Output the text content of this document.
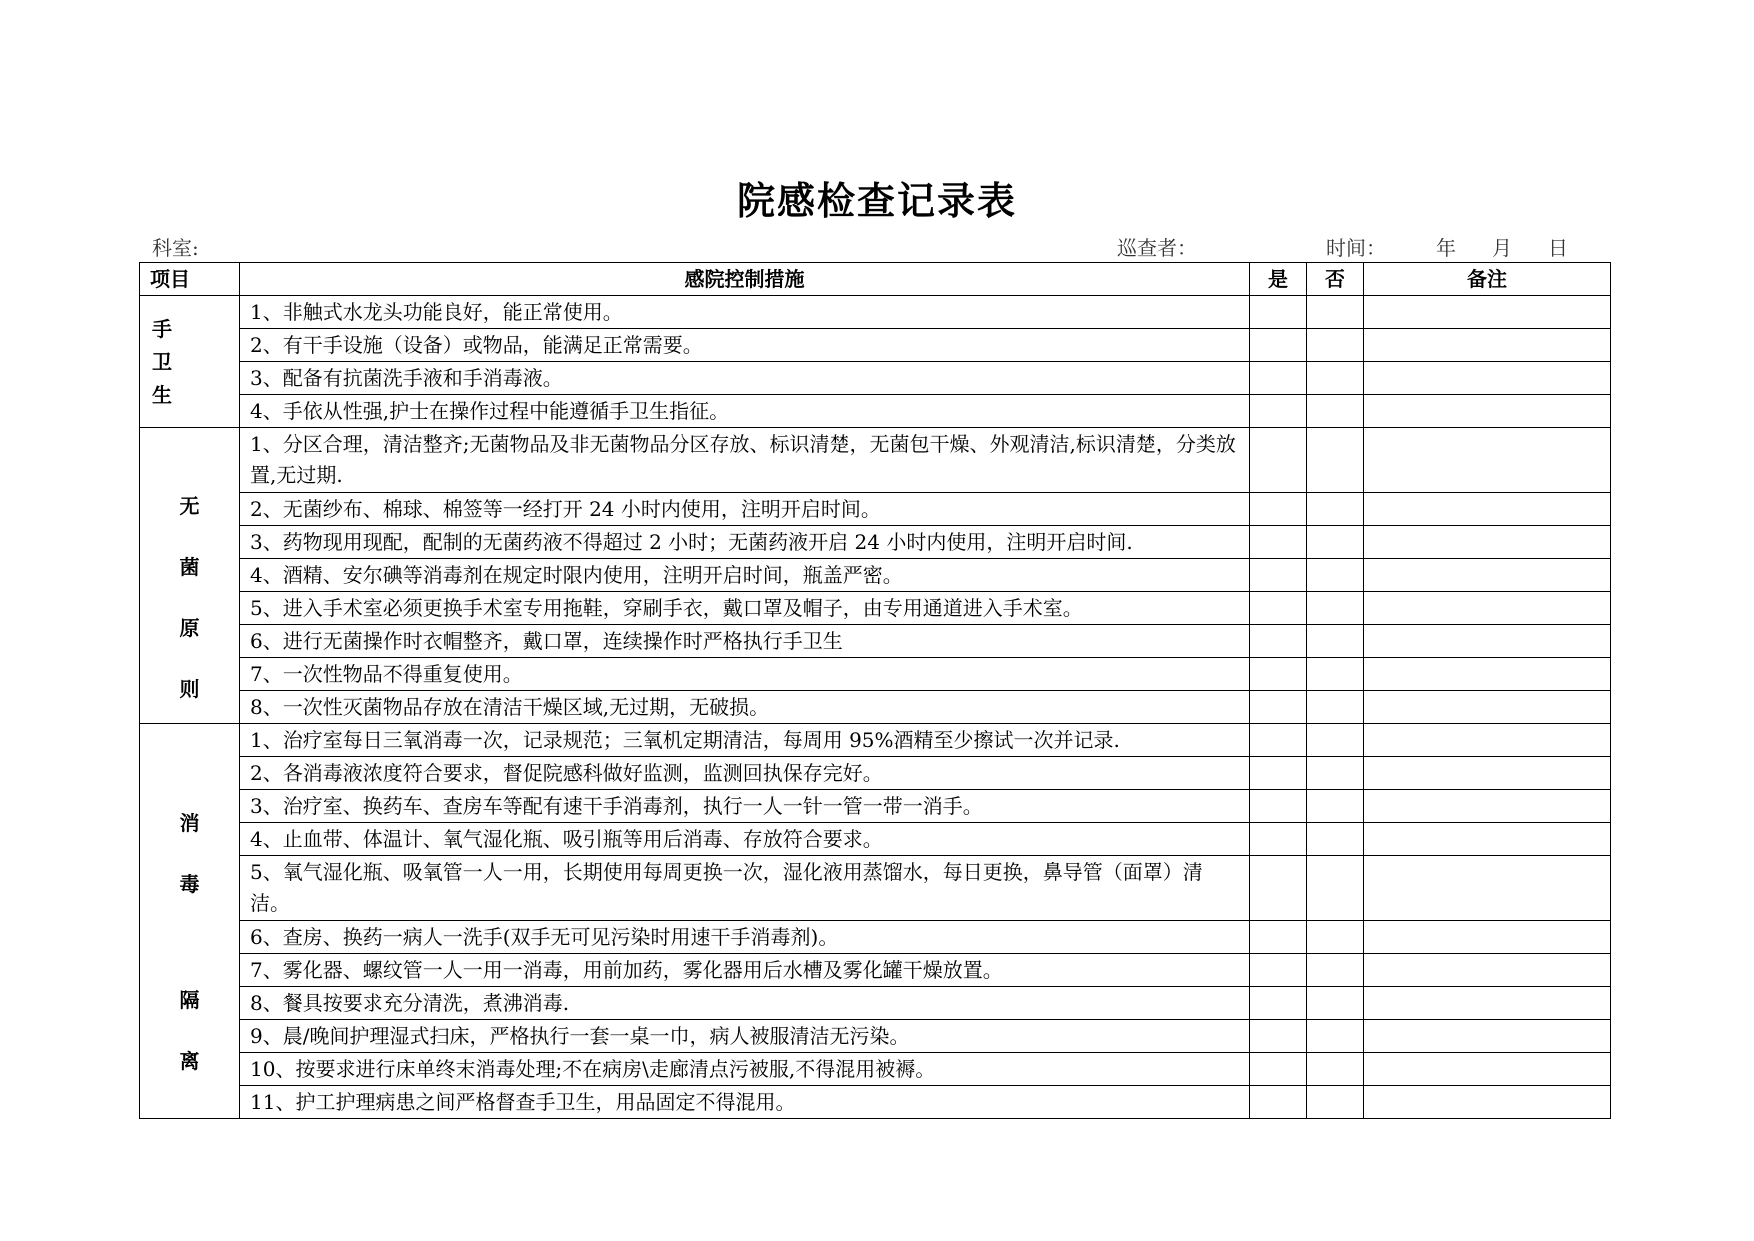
院感检查记录表
科室:	巡查者：	时间：	年 月 日
项目	感院控制措施	是	否	备注

手
卫
生	1、非触式水龙头功能良好，能正常使用。			
	2、有干手设施（设备）或物品，能满足正常需要。			
	3、配备有抗菌洗手液和手消毒液。			
	4、手依从性强,护士在操作过程中能遵循手卫生指征。			

无
菌
原
则	1、分区合理，清洁整齐;无菌物品及非无菌物品分区存放、标识清楚，无菌包干燥、外观清洁,标识清楚，分类放置,无过期.			
	2、无菌纱布、棉球、棉签等一经打开 24 小时内使用，注明开启时间。			
	3、药物现用现配，配制的无菌药液不得超过 2 小时；无菌药液开启 24 小时内使用，注明开启时间.			
	4、酒精、安尔碘等消毒剂在规定时限内使用，注明开启时间，瓶盖严密。			
	5、进入手术室必须更换手术室专用拖鞋，穿刷手衣，戴口罩及帽子，由专用通道进入手术室。			
	6、进行无菌操作时衣帽整齐，戴口罩，连续操作时严格执行手卫生			
	7、一次性物品不得重复使用。			
	8、一次性灭菌物品存放在清洁干燥区域,无过期，无破损。			

消
毒
隔
离	1、治疗室每日三氧消毒一次，记录规范；三氧机定期清洁，每周用 95%酒精至少擦试一次并记录.			
	2、各消毒液浓度符合要求，督促院感科做好监测，监测回执保存完好。			
	3、治疗室、换药车、查房车等配有速干手消毒剂，执行一人一针一管一带一消手。			
	4、止血带、体温计、氧气湿化瓶、吸引瓶等用后消毒、存放符合要求。			
	5、氧气湿化瓶、吸氧管一人一用，长期使用每周更换一次，湿化液用蒸馏水，每日更换，鼻导管（面罩）清洁。			
	6、查房、换药一病人一洗手(双手无可见污染时用速干手消毒剂)。			
	7、雾化器、螺纹管一人一用一消毒，用前加药，雾化器用后水槽及雾化罐干燥放置。			
	8、餐具按要求充分清洗，煮沸消毒.			
	9、晨/晚间护理湿式扫床，严格执行一套一桌一巾，病人被服清洁无污染。			
	10、按要求进行床单终末消毒处理;不在病房\走廊清点污被服,不得混用被褥。			
	11、护工护理病患之间严格督查手卫生，用品固定不得混用。			
